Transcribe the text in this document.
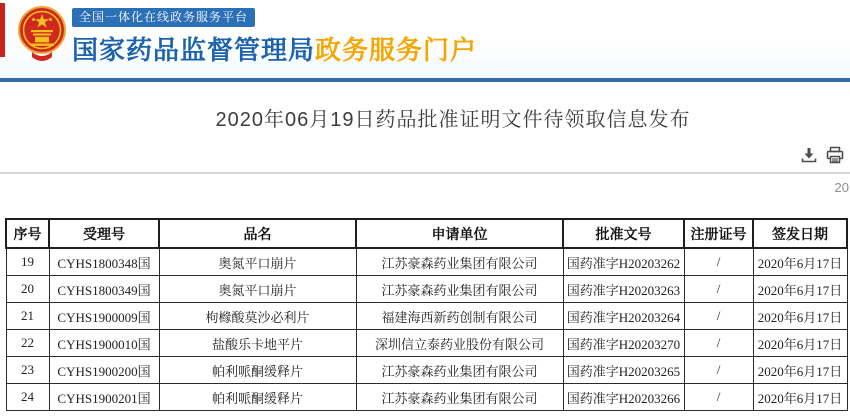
全国一体化在线政务服务平台
国家药品监督管理局政务服务门户
2020年06月19日药品批准证明文件待领取信息发布
20
序号	受理号	品名	申请单位	批准文号	注册证号	签发日期
19	CYHS1800348国	奥氮平口崩片	江苏豪森药业集团有限公司	国药准字H20203262	/	2020年6月17日
20	CYHS1800349国	奥氮平口崩片	江苏豪森药业集团有限公司	国药准字H20203263	/	2020年6月17日
21	CYHS1900009国	枸橼酸莫沙必利片	福建海西新药创制有限公司	国药准字H20203264	/	2020年6月17日
22	CYHS1900010国	盐酸乐卡地平片	深圳信立泰药业股份有限公司	国药准字H20203270	/	2020年6月17日
23	CYHS1900200国	帕利哌酮缓释片	江苏豪森药业集团有限公司	国药准字H20203265	/	2020年6月17日
24	CYHS1900201国	帕利哌酮缓释片	江苏豪森药业集团有限公司	国药准字H20203266	/	2020年6月17日
